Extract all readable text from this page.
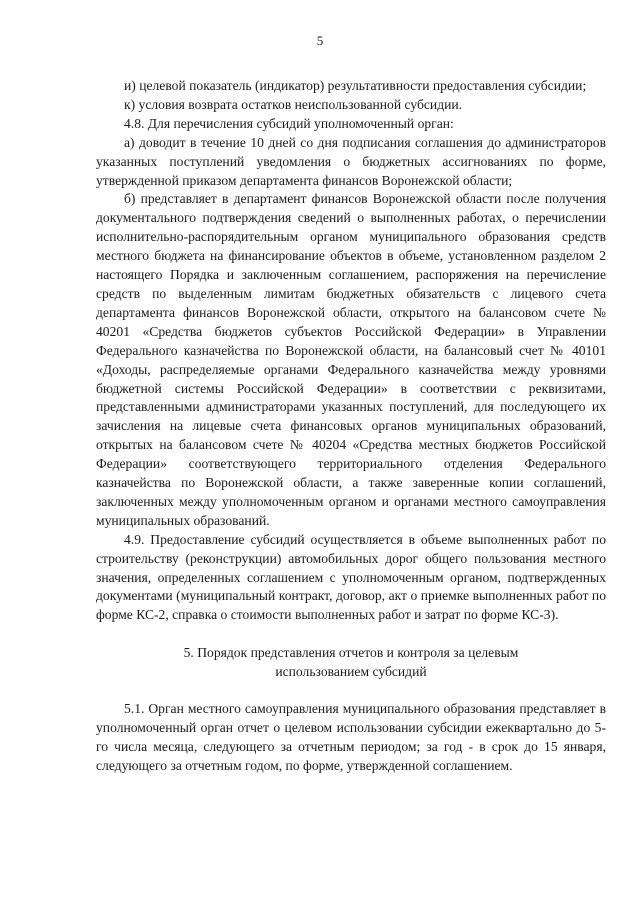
5

и) целевой показатель (индикатор) результативности предоставления субсидии;

к) условия возврата остатков неиспользованной субсидии.

4.8. Для перечисления субсидий уполномоченный орган:

а) доводит в течение 10 дней со дня подписания соглашения до администраторов указанных поступлений уведомления о бюджетных ассигнованиях по форме, утвержденной приказом департамента финансов Воронежской области;

б) представляет в департамент финансов Воронежской области после получения документального подтверждения сведений о выполненных работах, о перечислении исполнительно-распорядительным органом муниципального образования средств местного бюджета на финансирование объектов в объеме, установленном разделом 2 настоящего Порядка и заключенным соглашением, распоряжения на перечисление средств по выделенным лимитам бюджетных обязательств с лицевого счета департамента финансов Воронежской области, открытого на балансовом счете № 40201 «Средства бюджетов субъектов Российской Федерации» в Управлении Федерального казначейства по Воронежской области, на балансовый счет № 40101 «Доходы, распределяемые органами Федерального казначейства между уровнями бюджетной системы Российской Федерации» в соответствии с реквизитами, представленными администраторами указанных поступлений, для последующего их зачисления на лицевые счета финансовых органов муниципальных образований, открытых на балансовом счете № 40204 «Средства местных бюджетов Российской Федерации» соответствующего территориального отделения Федерального казначейства по Воронежской области, а также заверенные копии соглашений, заключенных между уполномоченным органом и органами местного самоуправления муниципальных образований.

4.9. Предоставление субсидий осуществляется в объеме выполненных работ по строительству (реконструкции) автомобильных дорог общего пользования местного значения, определенных соглашением с уполномоченным органом, подтвержденных документами (муниципальный контракт, договор, акт о приемке выполненных работ по форме КС-2, справка о стоимости выполненных работ и затрат по форме КС-3).

5. Порядок представления отчетов и контроля за целевым
использованием субсидий

5.1. Орган местного самоуправления муниципального образования представляет в уполномоченный орган отчет о целевом использовании субсидии ежеквартально до 5-го числа месяца, следующего за отчетным периодом; за год - в срок до 15 января, следующего за отчетным годом, по форме, утвержденной соглашением.
